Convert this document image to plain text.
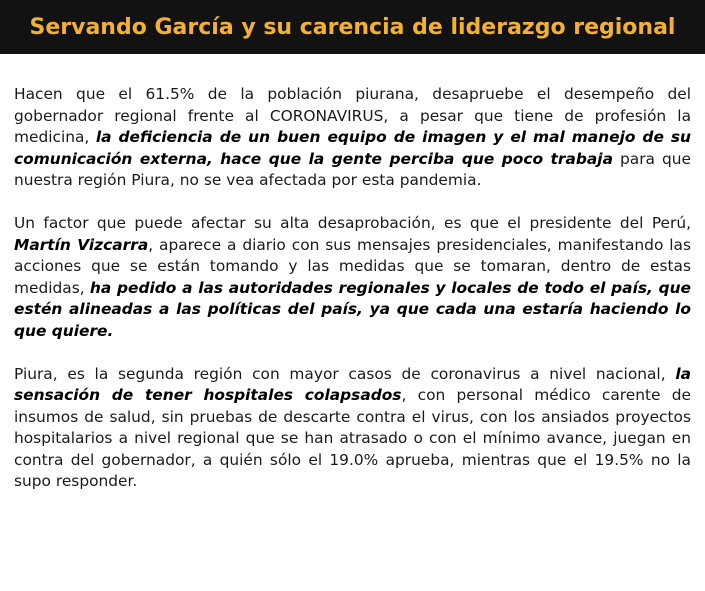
Servando García y su carencia de liderazgo regional

Hacen que el 61.5% de la población piurana, desapruebe el desempeño del gobernador regional frente al CORONAVIRUS, a pesar que tiene de profesión la medicina, la deficiencia de un buen equipo de imagen y el mal manejo de su comunicación externa, hace que la gente perciba que poco trabaja para que nuestra región Piura, no se vea afectada por esta pandemia.

Un factor que puede afectar su alta desaprobación, es que el presidente del Perú, Martín Vizcarra, aparece a diario con sus mensajes presidenciales, manifestando las acciones que se están tomando y las medidas que se tomaran, dentro de estas medidas, ha pedido a las autoridades regionales y locales de todo el país, que estén alineadas a las políticas del país, ya que cada una estaría haciendo lo que quiere.

Piura, es la segunda región con mayor casos de coronavirus a nivel nacional, la sensación de tener hospitales colapsados, con personal médico carente de insumos de salud, sin pruebas de descarte contra el virus, con los ansiados proyectos hospitalarios a nivel regional que se han atrasado o con el mínimo avance, juegan en contra del gobernador, a quién sólo el 19.0% aprueba, mientras que el 19.5% no la supo responder.
